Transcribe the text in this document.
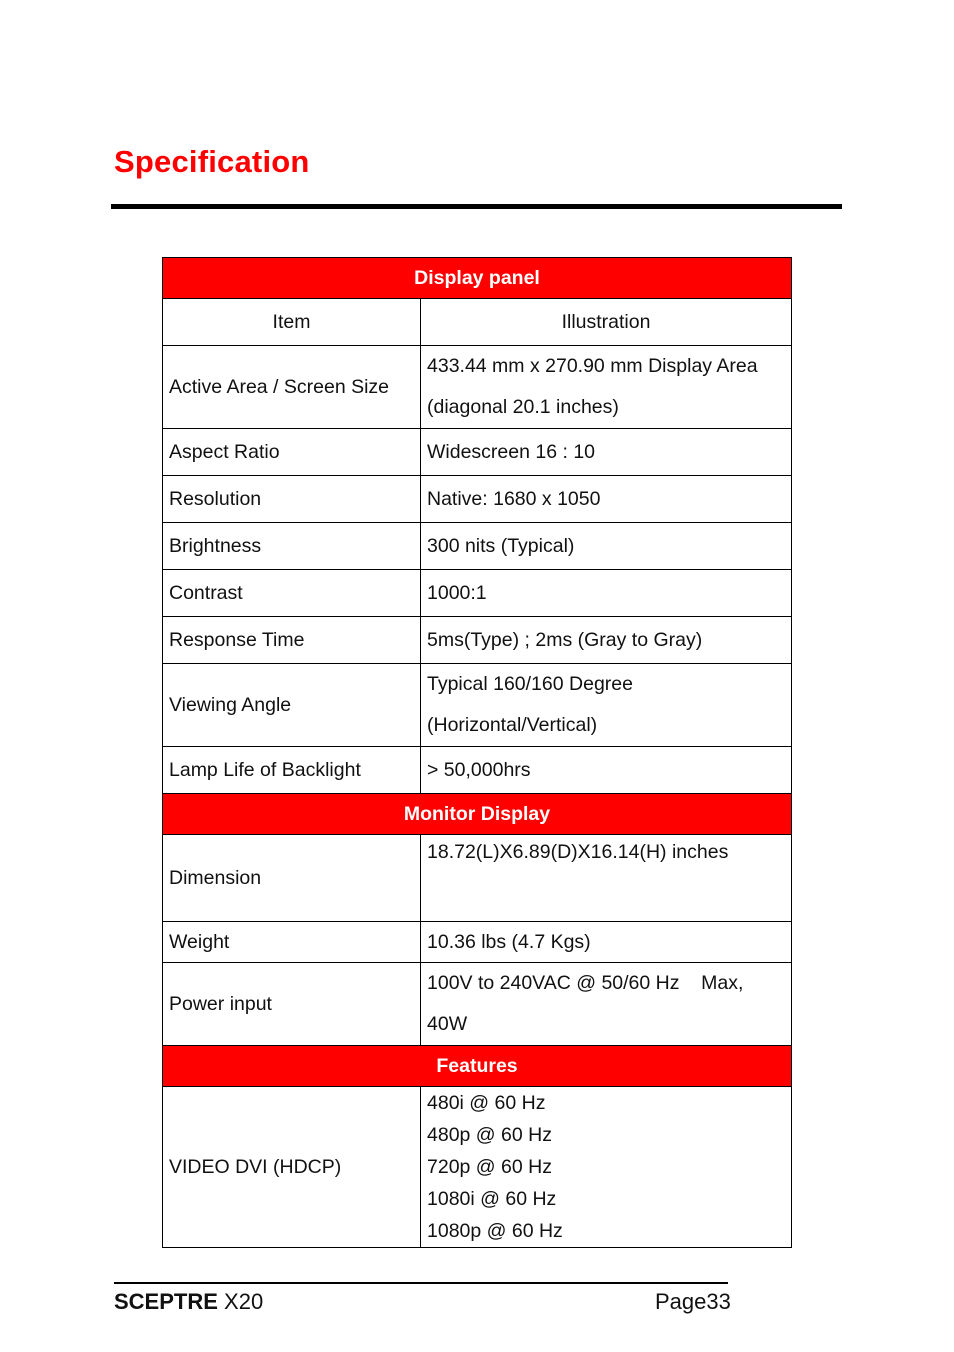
Specification
Display panel	
Item	Illustration
Active Area / Screen Size	433.44 mm x 270.90 mm Display Area
(diagonal 20.1 inches)

Aspect Ratio	Widescreen 16 : 10
Resolution	Native: 1680 x 1050
Brightness	300 nits (Typical)
Contrast	1000:1
Response Time	5ms(Type) ; 2ms (Gray to Gray)
Viewing Angle	Typical 160/160 Degree
(Horizontal/Vertical)

Lamp Life of Backlight	> 50,000hrs
Monitor Display	
Dimension	18.72(L)X6.89(D)X16.14(H) inches
Weight	10.36 lbs (4.7 Kgs)
Power input	100V to 240VAC @ 50/60 Hz    Max,
40W

Features	
VIDEO DVI (HDCP)	480i @ 60 Hz
480p @ 60 Hz
720p @ 60 Hz
1080i @ 60 Hz
1080p @ 60 Hz
SCEPTRE X20	Page33
